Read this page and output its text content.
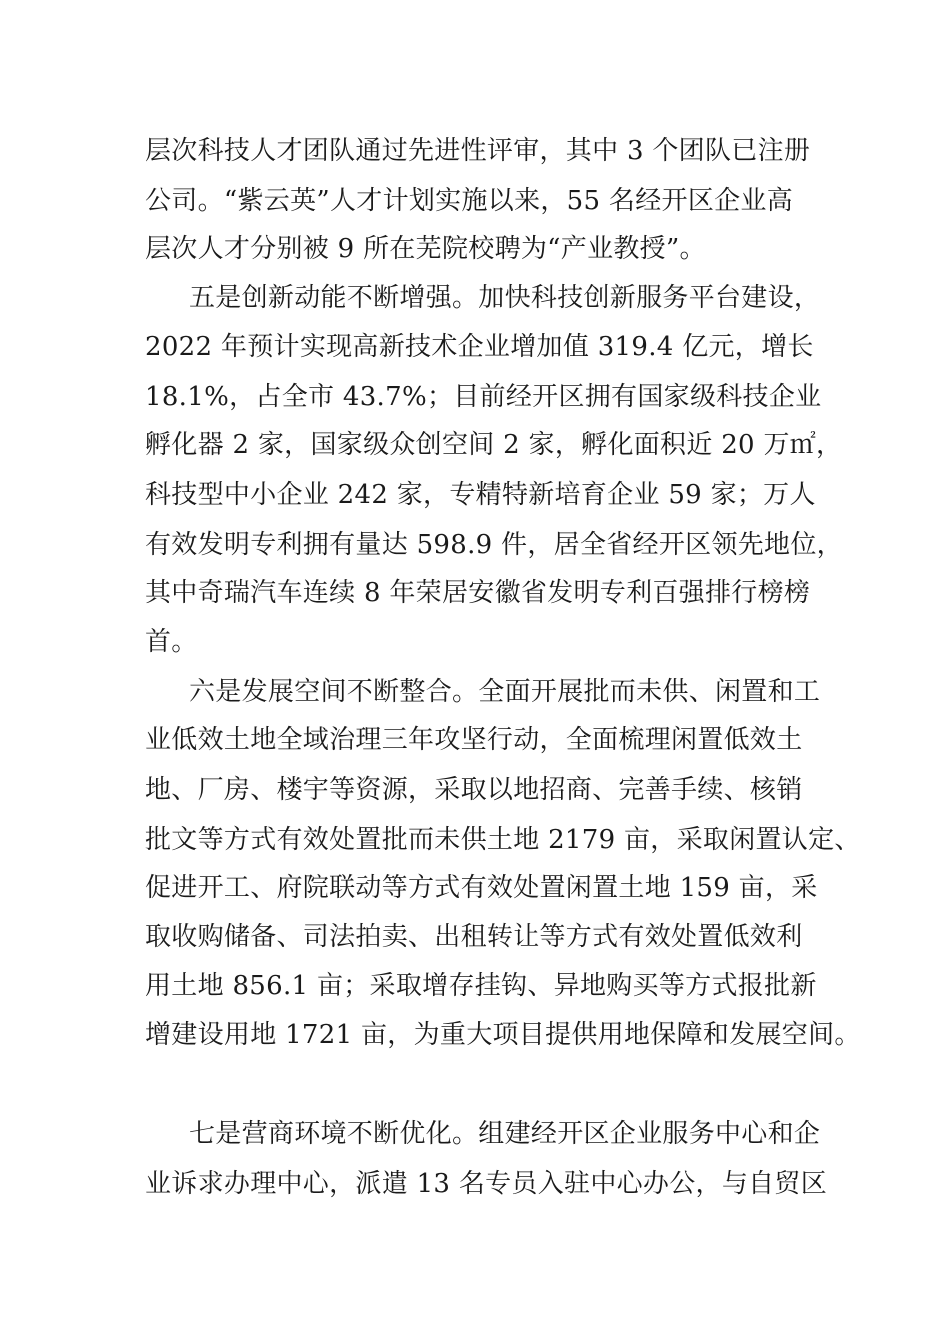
层次科技人才团队通过先进性评审，其中 3 个团队已注册
公司。“紫云英”人才计划实施以来，55 名经开区企业高
层次人才分别被 9 所在芜院校聘为“产业教授”。
五是创新动能不断增强。加快科技创新服务平台建设，
2022 年预计实现高新技术企业增加值 319.4 亿元，增长
18.1%，占全市 43.7%；目前经开区拥有国家级科技企业
孵化器 2 家，国家级众创空间 2 家，孵化面积近 20 万㎡，
科技型中小企业 242 家，专精特新培育企业 59 家；万人
有效发明专利拥有量达 598.9 件，居全省经开区领先地位，
其中奇瑞汽车连续 8 年荣居安徽省发明专利百强排行榜榜
首。
六是发展空间不断整合。全面开展批而未供、闲置和工
业低效土地全域治理三年攻坚行动，全面梳理闲置低效土
地、厂房、楼宇等资源，采取以地招商、完善手续、核销
批文等方式有效处置批而未供土地 2179 亩，采取闲置认定、
促进开工、府院联动等方式有效处置闲置土地 159 亩，采
取收购储备、司法拍卖、出租转让等方式有效处置低效利
用土地 856.1 亩；采取增存挂钩、异地购买等方式报批新
增建设用地 1721 亩，为重大项目提供用地保障和发展空间。
七是营商环境不断优化。组建经开区企业服务中心和企
业诉求办理中心，派遣 13 名专员入驻中心办公，与自贸区
